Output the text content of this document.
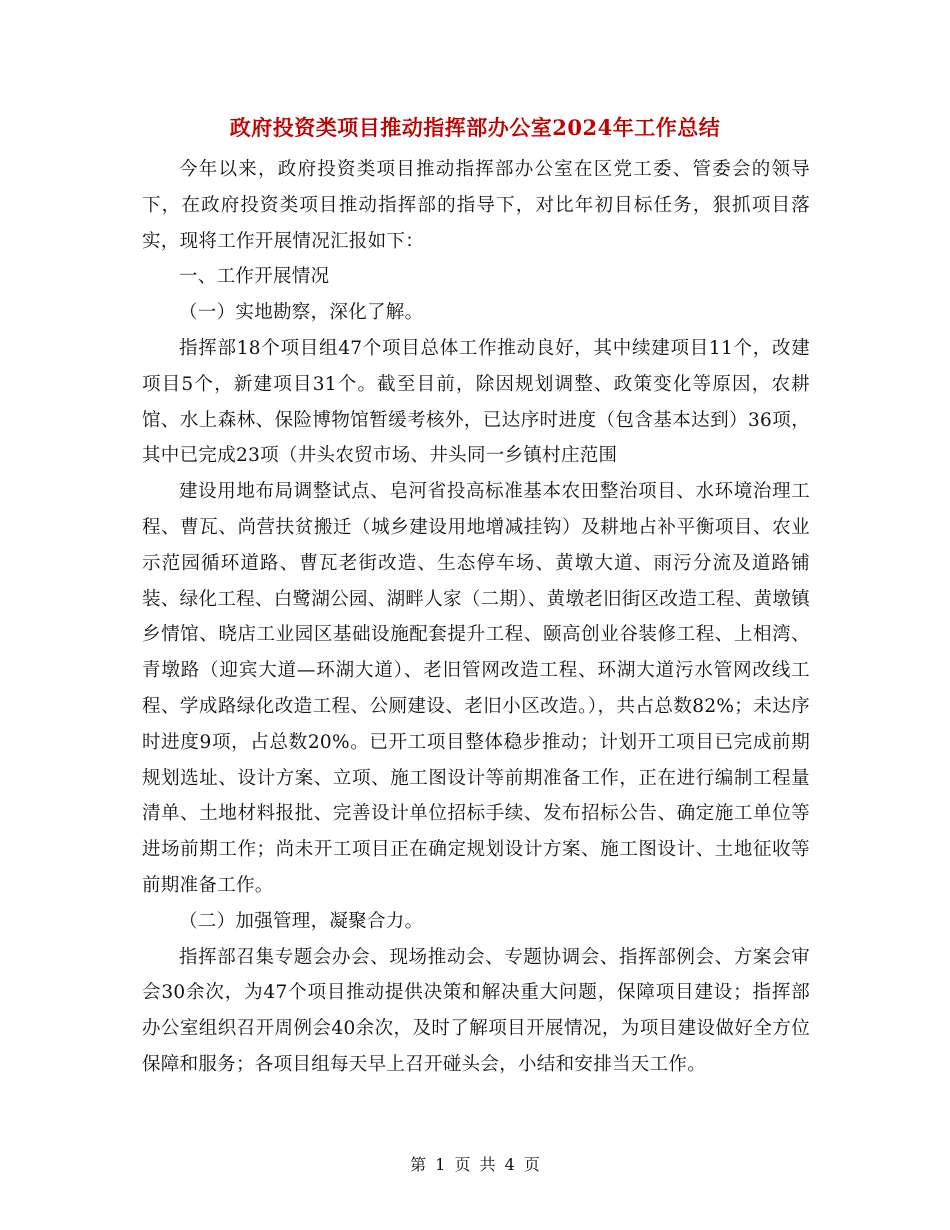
政府投资类项目推动指挥部办公室2024年工作总结

今年以来，政府投资类项目推动指挥部办公室在区党工委、管委会的领导下，在政府投资类项目推动指挥部的指导下，对比年初目标任务，狠抓项目落实，现将工作开展情况汇报如下：

一、工作开展情况

（一）实地勘察，深化了解。

指挥部18个项目组47个项目总体工作推动良好，其中续建项目11个，改建项目5个，新建项目31个。截至目前，除因规划调整、政策变化等原因，农耕馆、水上森林、保险博物馆暂缓考核外，已达序时进度（包含基本达到）36项，其中已完成23项（井头农贸市场、井头同一乡镇村庄范围

建设用地布局调整试点、皂河省投高标准基本农田整治项目、水环境治理工程、曹瓦、尚营扶贫搬迁（城乡建设用地增减挂钩）及耕地占补平衡项目、农业示范园循环道路、曹瓦老街改造、生态停车场、黄墩大道、雨污分流及道路铺装、绿化工程、白鹭湖公园、湖畔人家（二期）、黄墩老旧街区改造工程、黄墩镇乡情馆、晓店工业园区基础设施配套提升工程、颐高创业谷装修工程、上相湾、青墩路（迎宾大道—环湖大道）、老旧管网改造工程、环湖大道污水管网改线工程、学成路绿化改造工程、公厕建设、老旧小区改造。），共占总数82%；未达序时进度9项，占总数20%。已开工项目整体稳步推动；计划开工项目已完成前期规划选址、设计方案、立项、施工图设计等前期准备工作，正在进行编制工程量清单、土地材料报批、完善设计单位招标手续、发布招标公告、确定施工单位等进场前期工作；尚未开工项目正在确定规划设计方案、施工图设计、土地征收等前期准备工作。

（二）加强管理，凝聚合力。

指挥部召集专题会办会、现场推动会、专题协调会、指挥部例会、方案会审会30余次，为47个项目推动提供决策和解决重大问题，保障项目建设；指挥部办公室组织召开周例会40余次，及时了解项目开展情况，为项目建设做好全方位保障和服务；各项目组每天早上召开碰头会，小结和安排当天工作。

第 1 页 共 4 页
